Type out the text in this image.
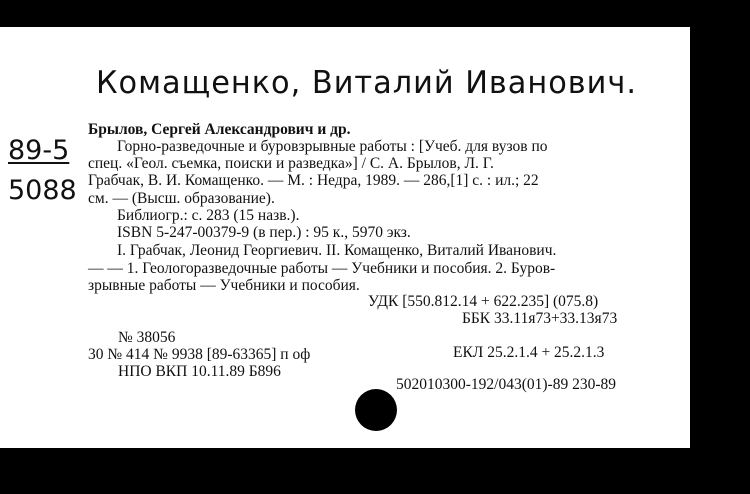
Комащенко, Виталий Иванович.
89-5
5088
Брылов, Сергей Александрович и др.
Горно-разведочные и буровзрывные работы : [Учеб. для вузов по
спец. «Геол. съемка, поиски и разведка»] / С. А. Брылов, Л. Г.
Грабчак, В. И. Комащенко. — М. : Недра, 1989. — 286,[1] с. : ил.; 22
см. — (Высш. образование).
Библиогр.: с. 283 (15 назв.).
ISBN 5-247-00379-9 (в пер.) : 95 к., 5970 экз.
I. Грабчак, Леонид Георгиевич. II. Комащенко, Виталий Иванович.
— — 1. Геологоразведочные работы — Учебники и пособия. 2. Буров-
зрывные работы — Учебники и пособия.
УДК [550.812.14 + 622.235] (075.8)
ББК 33.11я73+33.13я73
№ 38056
30 № 414 № 9938 [89-63365] п оф	ЕКЛ 25.2.1.4 + 25.2.1.3
НПО ВКП 10.11.89 Б896
502010300-192/043(01)-89 230-89
